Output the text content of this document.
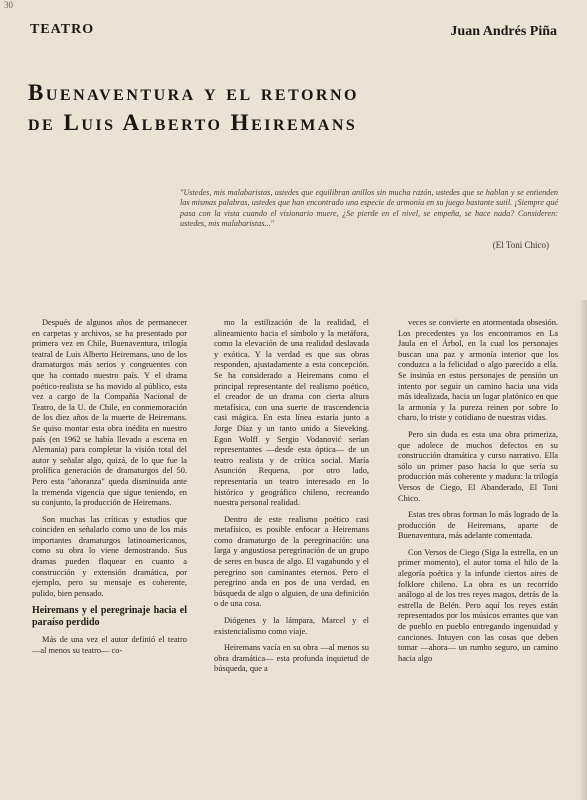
30
TEATRO	Juan Andrés Piña
Buenaventura y el retorno
de Luis Alberto Heiremans
"Ustedes, mis malabaristas, ustedes que equilibran anillos sin mucha razón, ustedes que se hablan y se entienden las mismas palabras, ustedes que han encontrado una especie de armonía en su juego bastante sutil. ¡Siempre qué pasa con la vista cuando el visionario muere, ¿Se pierde en el nivel, se empeña, se hace nada? Consideren: ustedes, mis malabaristas..."
(El Toni Chico)

Después de algunos años de permanecer en carpetas y archivos, se ha presentado por primera vez en Chile, Buenaventura, trilogía teatral de Luis Alberto Heiremans, uno de los dramaturgos más serios y congruentes con que ha contado nuestro país. Y el drama poético-realista se ha movido al público, esta vez a cargo de la Compañía Nacional de Teatro, de la U. de Chile, en conmemoración de los diez años de la muerte de Heiremans. Se quiso montar esta obra inédita en nuestro país (en 1962 se había llevado a escena en Alemania) para completar la visión total del autor y señalar algo, quizá, de lo que fue la prolífica generación de dramaturgos del 50. Pero esta "añoranza" queda disminuida ante la tremenda vigencia que sigue teniendo, en su conjunto, la producción de Heiremans.

Son muchas las críticas y estudios que coinciden en señalarlo como uno de los más importantes dramaturgos latinoamericanos, como su obra lo viene demostrando. Sus dramas pueden flaquear en cuanto a construcción y extensión dramática, por ejemplo, pero su mensaje es coherente, pulido, bien pensado.

Heiremans y el peregrinaje hacia el paraíso perdido

Más de una vez el autor definió el teatro —al menos su teatro— co-

mo la estilización de la realidad, el alineamiento hacia el símbolo y la metáfora, como la elevación de una realidad deslavada y exótica. Y la verdad es que sus obras responden, ajustadamente a esta concepción. Se ha considerado a Heiremans como el principal representante del realismo poético, el creador de un drama con cierta altura metafísica, con una suerte de trascendencia casi mágica. En esta línea estaría junto a Jorge Díaz y un tanto unido a Sieveking. Egon Wolff y Sergio Vodanović serían representantes —desde esta óptica— de un teatro realista y de crítica social. María Asunción Requena, por otro lado, representaría un teatro interesado en lo histórico y geográfico chileno, recreando nuestra personal realidad.

Dentro de este realismo poético casi metafísico, es posible enfocar a Heiremans como dramaturgo de la peregrinación: una larga y angustiosa peregrinación de un grupo de seres en busca de algo. El vagabundo y el peregrino son caminantes eternos. Pero el peregrino anda en pos de una verdad, en búsqueda de algo o alguien, de una definición o de una cosa.

Diógenes y la lámpara, Marcel y el existencialismo como viaje.

Heiremans vacía en su obra —al menos su obra dramática— esta profunda inquietud de búsqueda, que a

veces se convierte en atormentada obsesión. Los precedentes ya los encontramos en La Jaula en el Árbol, en la cual los personajes buscan una paz y armonía interior que los conduzca a la felicidad o algo parecido a ella. Se insinúa en estos personajes de pensión un intento por seguir un camino hacia una vida más idealizada, hacia un lugar platónico en que la armonía y la pureza reinen por sobre lo charo, lo triste y cotidiano de nuestras vidas.

Pero sin duda es esta una obra primeriza, que adolece de muchos defectos en su construcción dramática y curso narrativo. Ella sólo un primer paso hacia lo que sería su producción más coherente y madura: la trilogía Versos de Ciego, El Abanderado, El Toni Chico.

Estas tres obras forman lo más logrado de la producción de Heiremans, aparte de Buenaventura, más adelante comentada.

Con Versos de Ciego (Siga la estrella, en un primer momento), el autor toma el hilo de la alegoría poética y la infunde ciertos aires de folklore chileno. La obra es un recorrido análogo al de los tres reyes magos, detrás de la estrella de Belén. Pero aquí los reyes están representados por los músicos errantes que van de pueblo en pueblo entregando ingenuidad y canciones. Intuyen con las cosas que deben tomar —ahora— un rumbo seguro, un camino hacia algo
